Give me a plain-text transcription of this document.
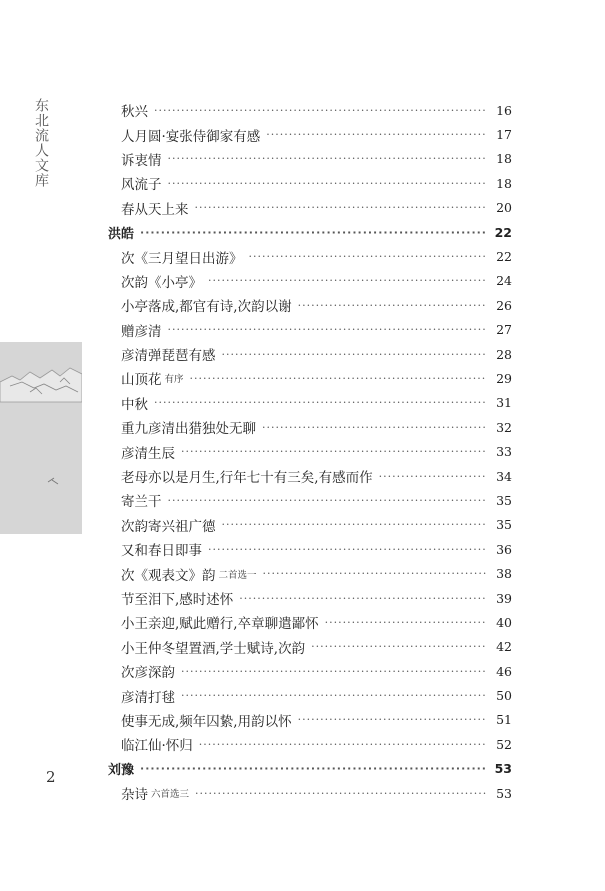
东北流人文库	秋兴 ·····	16
人月圆·宴张侍御家有感 ·····	17
诉衷情 ·····	18
风流子 ·····	18
春从天上来 ·····	20
洪皓 ·····	22
次《三月望日出游》 ·····	22
次韵《小亭》 ·····	24
小亭落成,都官有诗,次韵以谢 ·····	26
赠彦清 ·····	27
彦清弹琵琶有感 ·····	28
山顶花 有序 ·····	29
中秋 ·····	31
重九彦清出猎独处无聊 ·····	32
彦清生辰 ·····	33
老母亦以是月生,行年七十有三矣,有感而作 ·····	34
寄兰干 ·····	35
次韵寄兴祖广德 ·····	35
又和春日即事 ·····	36
次《观表文》韵 二首选一 ·····	38
节至泪下,感时述怀 ·····	39
小王亲迎,赋此赠行,卒章聊遣鄙怀 ·····	40
小王仲冬望置酒,学士赋诗,次韵 ·····	42
次彦深韵 ·····	46
彦清打毬 ·····	50
使事无成,频年囚絷,用韵以怀 ·····	51
临江仙·怀归 ·····	52
刘豫 ·····	53
杂诗 六首选三 ·····	53
2
